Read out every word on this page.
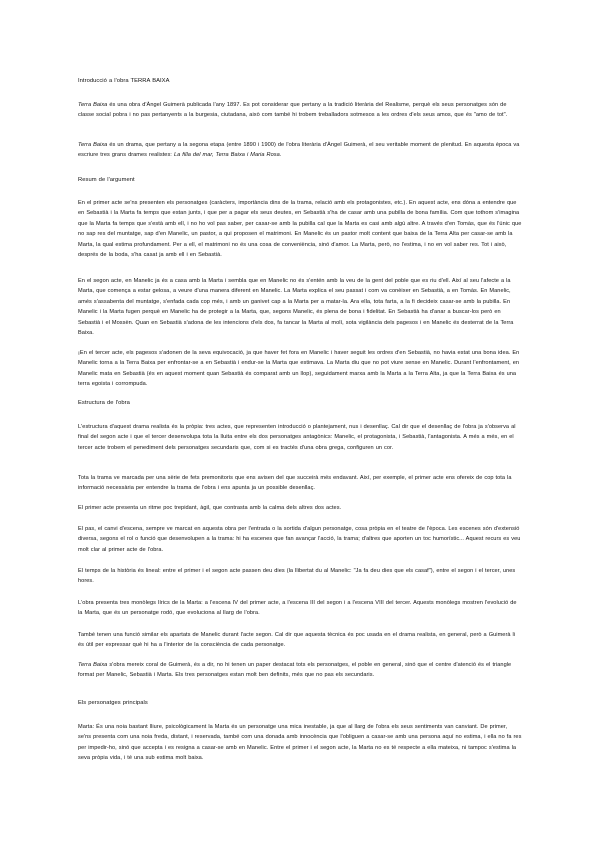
Introducció a l'obra TERRA BAIXA

Terra Baixa és una obra d'Àngel Guimerà publicada l'any 1897. Es pot considerar que pertany a la tradició literària del Realisme, perquè els seus personatges són de classe social pobra i no pas pertanyents a la burgesia, ciutadana, això com també hi trobem treballadors sotmesos a les ordres d'els seus amos, que és "amo de tot".

Terra Baixa és un drama, que pertany a la segona etapa (entre 1890 i 1900) de l'obra literària d'Àngel Guimerà, el seu veritable moment de plenitud. En aquesta època va escriure tres grans drames realistes: La filla del mar, Terra Baixa i Maria Rosa.

Resum de l'argument

En el primer acte se'ns presenten els personatges (caràcters, importància dins de la trama, relació amb els protagonistes, etc.). En aquest acte, ens dóna a entendre que en Sebastià i la Marta fa temps que estan junts, i que per a pagar els seus deutes, en Sebastià s'ha de casar amb una pubilla de bona família. Com que tothom s'imagina que la Marta fa temps que s'està amb ell, i no ho vol pas saber, per casar-se amb la pubilla cal que la Marta es casi amb algú altre. A través d'en Tomàs, que és l'únic que no sap res del muntatge, sap d'en Manelic, un pastor, a qui proposen el matrimoni. En Manelic és un pastor molt content que baixa de la Terra Alta per casar-se amb la Marta, la qual estima profundament. Per a ell, el matrimoni no és una cosa de conveniència, sinó d'amor. La Marta, però, no l'estima, i no en vol saber res. Tot i això, després de la boda, s'ha casat ja amb ell i en Sebastià.

En el segon acte, en Manelic ja és a casa amb la Marta i sembla que en Manelic no és s'entén amb la veu de la gent del poble que es riu d'ell. Així al seu l'afecte a la Marta, que comença a estar gelosa, a veure d'una manera diferent en Manelic. La Marta explica el seu passat i com va conèixer en Sebastià, a en Tomàs. En Manelic, amés s'assabenta del muntatge, s'enfada cada cop més, i amb un ganivet cap a la Marta per a matar-la. Ara ella, tota farta, a la fi decideix casar-se amb la pubilla. En Manelic i la Marta fugen perquè en Manelic ha de protegir a la Marta, que, segons Manelic, és plena de bona i fidelitat. En Sebastià ha d'anar a buscar-los però en Sebastià i el Mossèn. Quan en Sebastià s'adona de les intencions d'els dos, fa tancar la Marta al molí, sota vigilància dels pagesos i en Manelic és desterrat de la Terra Baixa.

¡En el tercer acte, els pagesos s'adonen de la seva equivocació, ja que haver fet fora en Manelic i haver seguit les ordres d'en Sebastià, no havia estat una bona idea. En Manelic torna a la Terra Baixa per enfrontar-se a en Sebastià i endur-se la Marta que estimava. La Marta diu que no pot viure sense en Manelic. Durant l'enfrontament, en Manelic mata en Sebastià (és en aquest moment quan Sebastià és comparat amb un llop), seguidament marxa amb la Marta a la Terra Alta, ja que la Terra Baixa és una terra egoista i corrompuda.

Estructura de l'obra

L'estructura d'aquest drama realista és la pròpia: tres actes, que representen introducció o plantejament, nus i desenllaç. Cal dir que el desenllaç de l'obra ja s'observa al final del segon acte i que el tercer desenvolupa tota la lluita entre els dos personatges antagònics: Manelic, el protagonista, i Sebastià, l'antagonista. A més a més, en el tercer acte trobem el penediment dels personatges secundaris que, com si es tractés d'una obra grega, configuren un cor.

Tota la trama ve marcada per una sèrie de fets premonitoris que ens avisen del que succeirà més endavant. Així, per exemple, el primer acte ens ofereix de cop tota la informació necessària per entendre la trama de l'obra i ens apunta ja un possible desenllaç.

El primer acte presenta un ritme poc trepidant, àgil, que contrasta amb la calma dels altres dos actes.

El pas, el canvi d'escena, sempre ve marcat en aquesta obra per l'entrada o la sortida d'algun personatge, cosa pròpia en el teatre de l'època. Les escenes són d'extensió diversa, segons el rol o funció que desenvolupen a la trama: hi ha escenes que fan avançar l'acció, la trama; d'altres que aporten un toc humorístic... Aquest recurs es veu molt clar al primer acte de l'obra.

El temps de la història és lineal: entre el primer i el segon acte passen deu dies (la llibertat du al Manelic: "Ja fa deu dies que els casaf"), entre el segon i el tercer, unes hores.

L'obra presenta tres monòlegs lírics de la Marta: a l'escena IV del primer acte, a l'escena III del segon i a l'escena VIII del tercer. Aquests monòlegs mostren l'evolució de la Marta, que és un personatge rodó, que evoluciona al llarg de l'obra.

També tenen una funció similar els apartats de Manelic durant l'acte segon. Cal dir que aquesta tècnica és poc usada en el drama realista, en general, però a Guimerà li és útil per expressar què hi ha a l'interior de la consciència de cada personatge.

Terra Baixa s'obra mereix coral de Guimerà, és a dir, no hi tenen un paper destacat tots els personatges, el poble en general, sinó que el centre d'atenció és el triangle format per Manelic, Sebastià i Marta. Els tres personatges estan molt ben definits, més que no pas els secundaris.

Els personatges principals

Marta: És una noia bastant lliure, psicològicament la Marta és un personatge una mica inestable, ja que al llarg de l'obra els seus sentiments van canviant. De primer, se'ns presenta com una noia freda, distant, i reservada, també com una donada amb innocència que l'obliguen a casar-se amb una persona aquí no estima, i ella no fa res per impedir-ho, sinó que accepta i es resigna a casar-se amb en Manelic. Entre el primer i el segon acte, la Marta no es té respecte a ella mateixa, ni tampoc s'estima la seva pròpia vida, i té una sub estima molt baixa.
